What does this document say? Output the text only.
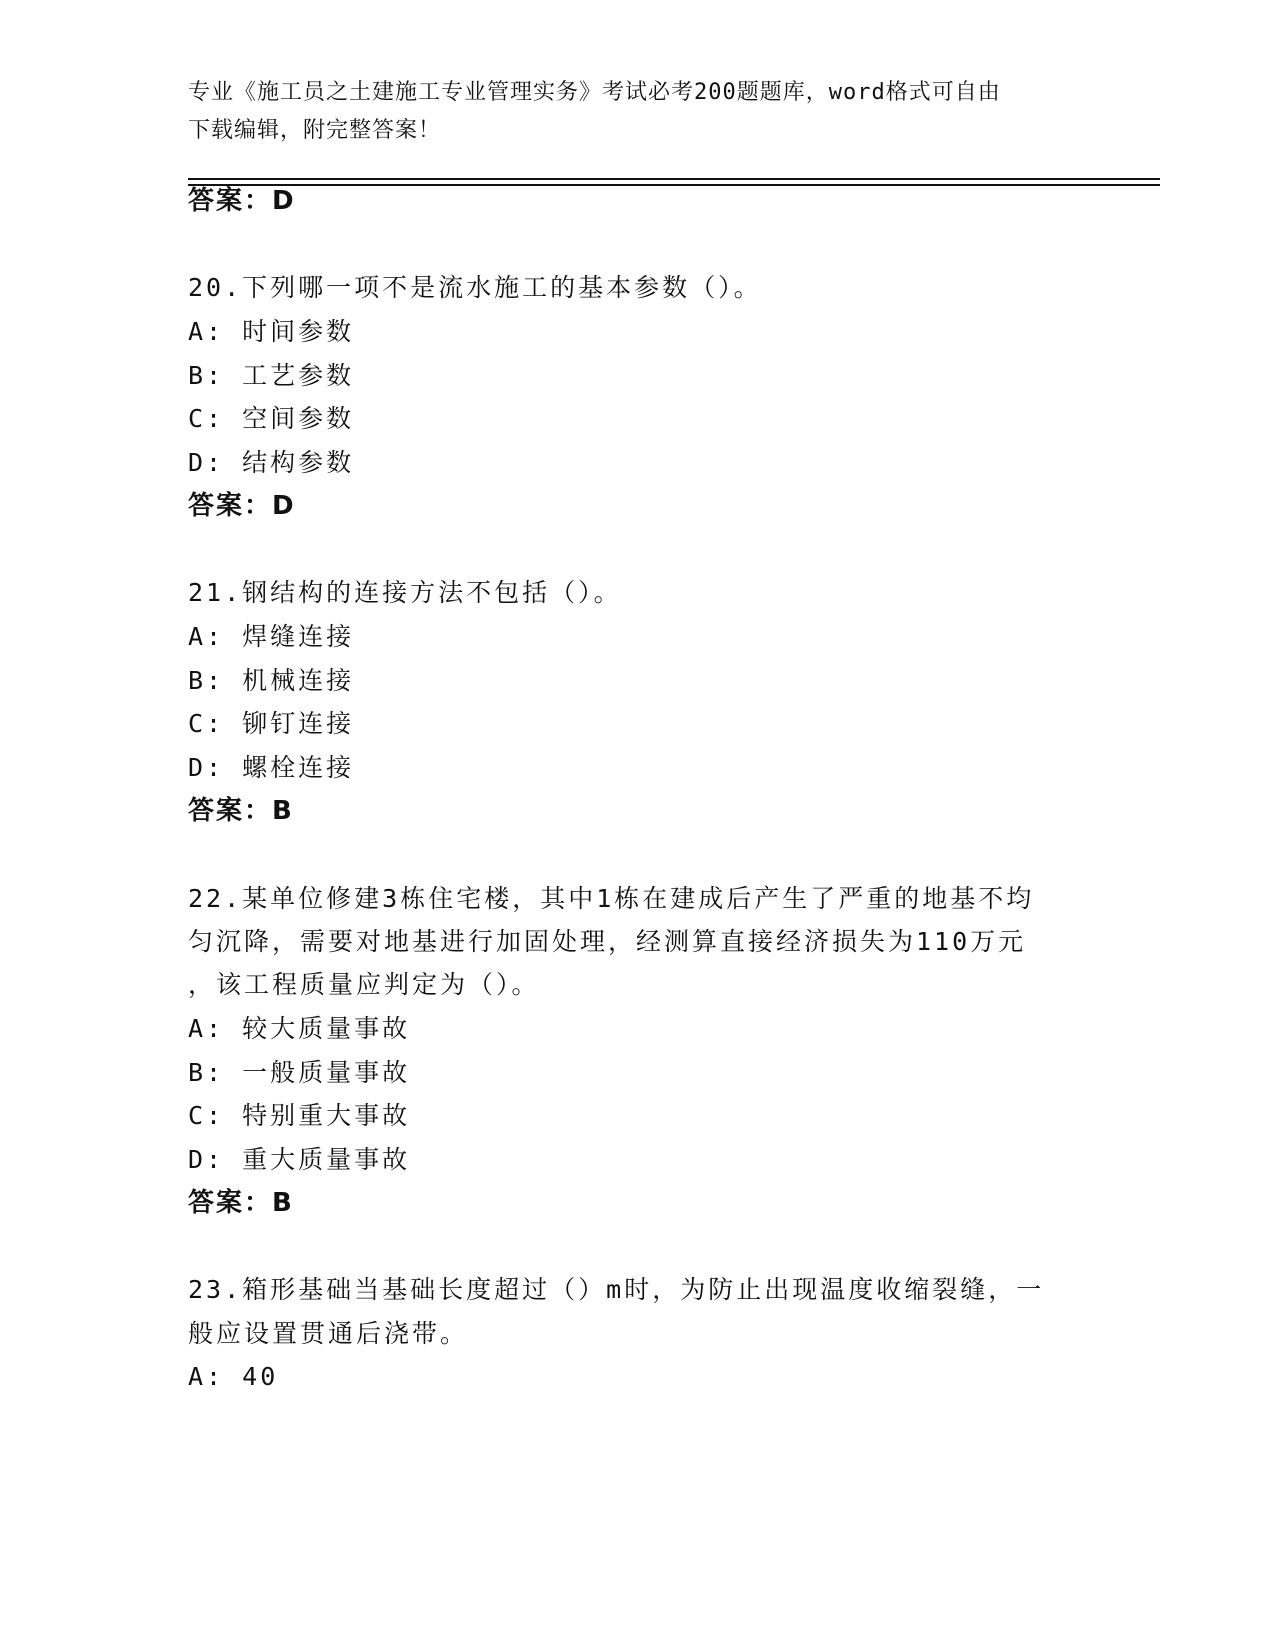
专业《施工员之土建施工专业管理实务》考试必考200题题库，word格式可自由
下载编辑，附完整答案！
答案：D
20.下列哪一项不是流水施工的基本参数（）。
A: 时间参数
B: 工艺参数
C: 空间参数
D: 结构参数
答案：D
21.钢结构的连接方法不包括（）。
A: 焊缝连接
B: 机械连接
C: 铆钉连接
D: 螺栓连接
答案：B
22.某单位修建3栋住宅楼，其中1栋在建成后产生了严重的地基不均
匀沉降，需要对地基进行加固处理，经测算直接经济损失为110万元
，该工程质量应判定为（）。
A: 较大质量事故
B: 一般质量事故
C: 特别重大事故
D: 重大质量事故
答案：B
23.箱形基础当基础长度超过（）m时，为防止出现温度收缩裂缝，一
般应设置贯通后浇带。
A: 40
